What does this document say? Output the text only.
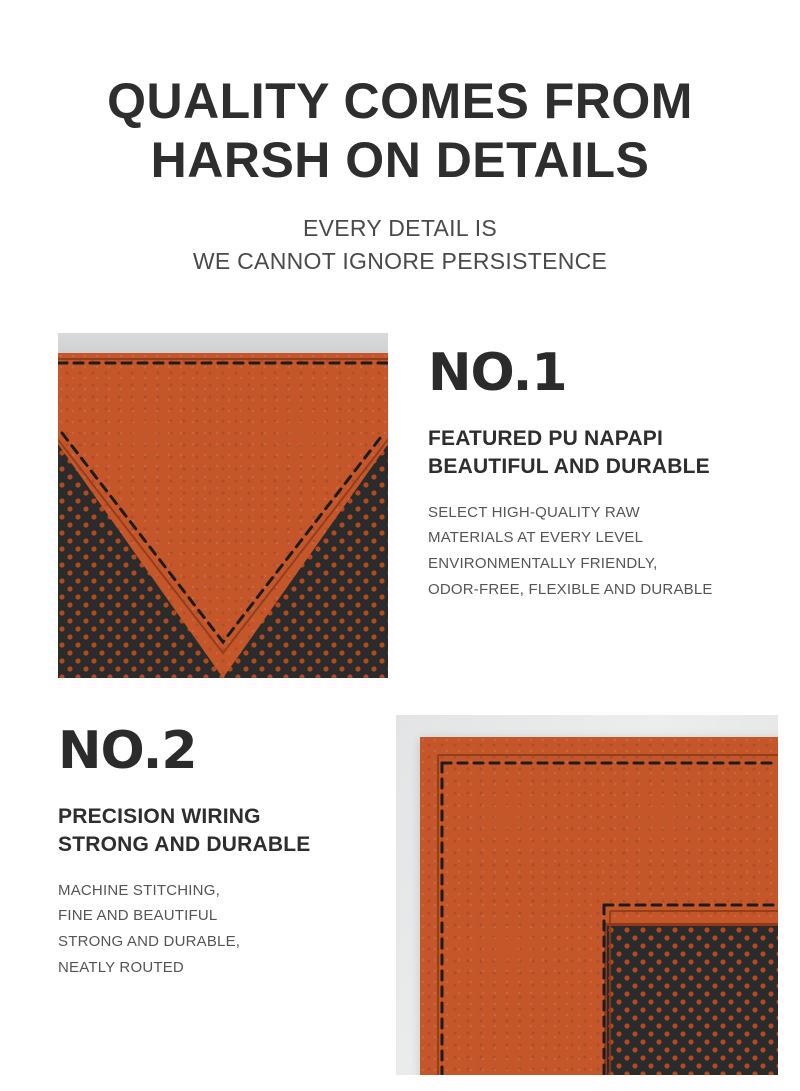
QUALITY COMES FROM
HARSH ON DETAILS
EVERY DETAIL IS
WE CANNOT IGNORE PERSISTENCE
NO.1
FEATURED PU NAPAPI
BEAUTIFUL AND DURABLE
SELECT HIGH-QUALITY RAW
MATERIALS AT EVERY LEVEL
ENVIRONMENTALLY FRIENDLY,
ODOR-FREE, FLEXIBLE AND DURABLE
NO.2
PRECISION WIRING
STRONG AND DURABLE
MACHINE STITCHING,
FINE AND BEAUTIFUL
STRONG AND DURABLE,
NEATLY ROUTED
